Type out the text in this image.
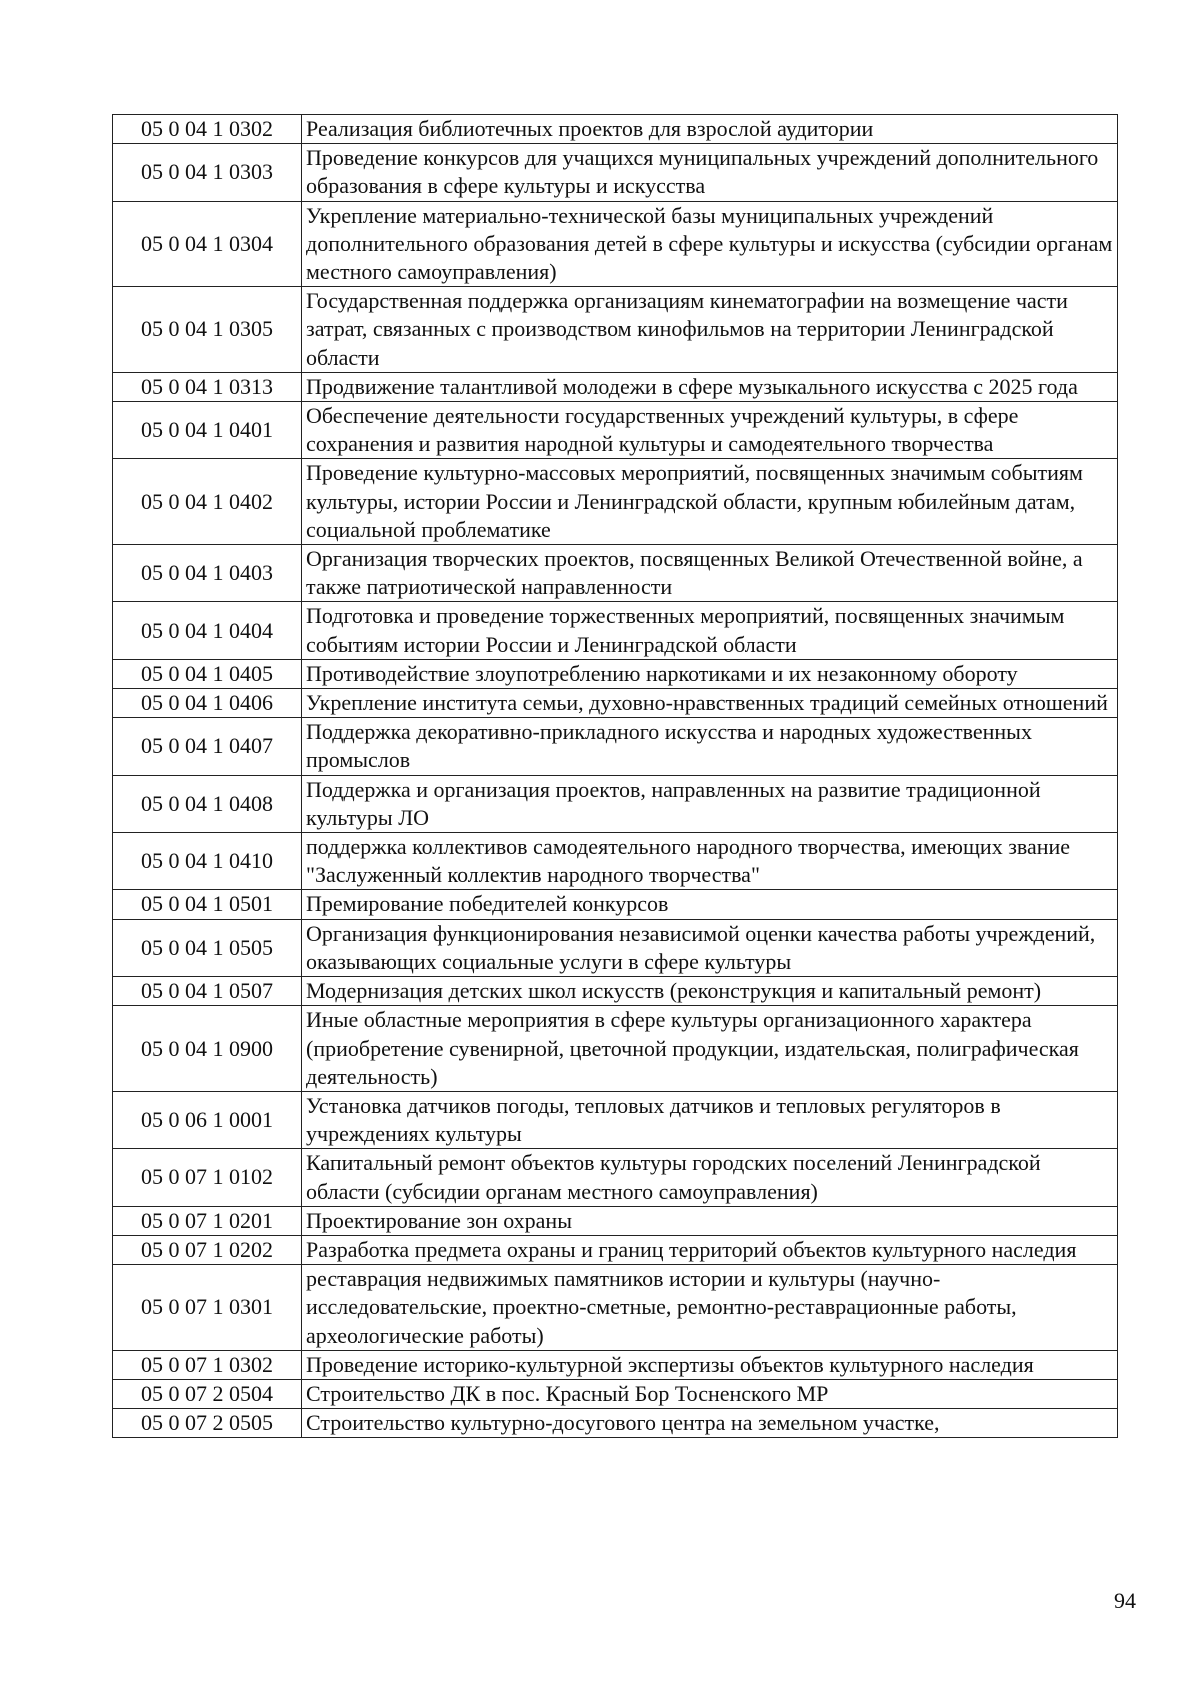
05 0 04 1 0302	Реализация библиотечных проектов для взрослой аудитории
05 0 04 1 0303	Проведение конкурсов для учащихся муниципальных учреждений дополнительного образования в сфере культуры и искусства
05 0 04 1 0304	Укрепление материально-технической базы муниципальных учреждений дополнительного образования детей в сфере культуры и искусства (субсидии органам местного самоуправления)
05 0 04 1 0305	Государственная поддержка организациям кинематографии на возмещение части затрат, связанных с производством кинофильмов на территории Ленинградской области
05 0 04 1 0313	Продвижение талантливой молодежи в сфере музыкального искусства с 2025 года
05 0 04 1 0401	Обеспечение деятельности государственных учреждений культуры, в сфере сохранения и развития народной культуры и самодеятельного творчества
05 0 04 1 0402	Проведение культурно-массовых мероприятий, посвященных значимым событиям культуры, истории России и Ленинградской области, крупным юбилейным датам, социальной проблематике
05 0 04 1 0403	Организация творческих проектов, посвященных Великой Отечественной войне, а также патриотической направленности
05 0 04 1 0404	Подготовка и проведение торжественных мероприятий, посвященных значимым событиям истории России и Ленинградской области
05 0 04 1 0405	Противодействие злоупотреблению наркотиками и их незаконному обороту
05 0 04 1 0406	Укрепление института семьи, духовно-нравственных традиций семейных отношений
05 0 04 1 0407	Поддержка декоративно-прикладного искусства и народных художественных промыслов
05 0 04 1 0408	Поддержка и организация проектов, направленных на развитие традиционной культуры ЛО
05 0 04 1 0410	поддержка коллективов самодеятельного народного творчества, имеющих звание "Заслуженный коллектив народного творчества"
05 0 04 1 0501	Премирование победителей конкурсов
05 0 04 1 0505	Организация функционирования независимой оценки качества работы учреждений, оказывающих социальные услуги в сфере культуры
05 0 04 1 0507	Модернизация детских школ искусств (реконструкция и капитальный ремонт)
05 0 04 1 0900	Иные областные мероприятия в сфере культуры организационного характера (приобретение сувенирной, цветочной продукции, издательская, полиграфическая деятельность)
05 0 06 1 0001	Установка датчиков погоды, тепловых датчиков и тепловых регуляторов в учреждениях культуры
05 0 07 1 0102	Капитальный ремонт объектов культуры городских поселений Ленинградской области (субсидии органам местного самоуправления)
05 0 07 1 0201	Проектирование зон охраны
05 0 07 1 0202	Разработка предмета охраны и границ территорий объектов культурного наследия
05 0 07 1 0301	реставрация недвижимых памятников истории и культуры (научно-исследовательские, проектно-сметные, ремонтно-реставрационные работы, археологические работы)
05 0 07 1 0302	Проведение историко-культурной экспертизы объектов культурного наследия
05 0 07 2 0504	Строительство ДК в пос. Красный Бор Тосненского МР
05 0 07 2 0505	Строительство культурно-досугового центра на земельном участке,
94
